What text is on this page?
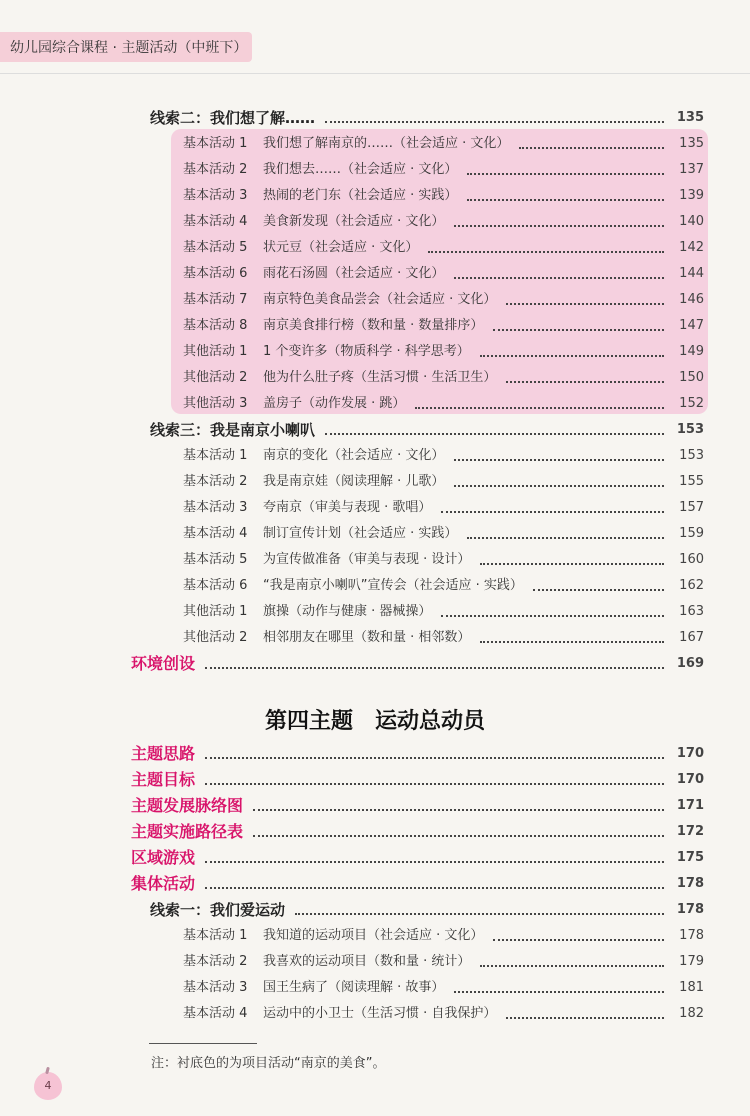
幼儿园综合课程 · 主题活动（中班下）
线索二：我们想了解……	135
基本活动 1	我们想了解南京的……（社会适应 · 文化）	135
基本活动 2	我们想去……（社会适应 · 文化）	137
基本活动 3	热闹的老门东（社会适应 · 实践）	139
基本活动 4	美食新发现（社会适应 · 文化）	140
基本活动 5	状元豆（社会适应 · 文化）	142
基本活动 6	雨花石汤圆（社会适应 · 文化）	144
基本活动 7	南京特色美食品尝会（社会适应 · 文化）	146
基本活动 8	南京美食排行榜（数和量 · 数量排序）	147
其他活动 1	1 个变许多（物质科学 · 科学思考）	149
其他活动 2	他为什么肚子疼（生活习惯 · 生活卫生）	150
其他活动 3	盖房子（动作发展 · 跳）	152
线索三：我是南京小喇叭	153
基本活动 1	南京的变化（社会适应 · 文化）	153
基本活动 2	我是南京娃（阅读理解 · 儿歌）	155
基本活动 3	夸南京（审美与表现 · 歌唱）	157
基本活动 4	制订宣传计划（社会适应 · 实践）	159
基本活动 5	为宣传做准备（审美与表现 · 设计）	160
基本活动 6	“我是南京小喇叭”宣传会（社会适应 · 实践）	162
其他活动 1	旗操（动作与健康 · 器械操）	163
其他活动 2	相邻朋友在哪里（数和量 · 相邻数）	167
环境创设	169
第四主题　运动总动员
主题思路	170
主题目标	170
主题发展脉络图	171
主题实施路径表	172
区域游戏	175
集体活动	178
线索一：我们爱运动	178
基本活动 1	我知道的运动项目（社会适应 · 文化）	178
基本活动 2	我喜欢的运动项目（数和量 · 统计）	179
基本活动 3	国王生病了（阅读理解 · 故事）	181
基本活动 4	运动中的小卫士（生活习惯 · 自我保护）	182
注：衬底色的为项目活动“南京的美食”。
4
